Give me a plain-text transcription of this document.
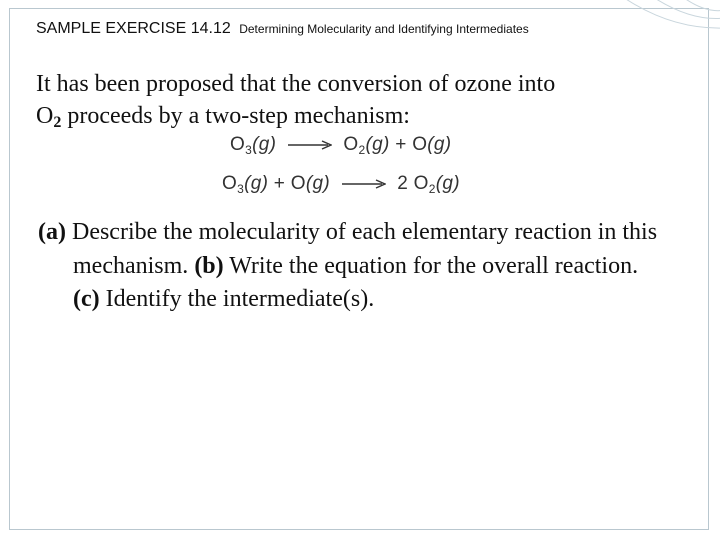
SAMPLE EXERCISE 14.12 Determining Molecularity and Identifying Intermediates
It has been proposed that the conversion of ozone into
$O_2$ proceeds by a two-step mechanism:
$O_3(g) \to O_2(g) + O(g)$
$O_3(g) + O(g) \to 2$ $O_2(g)$
(a) Describe the molecularity of each elementary reaction in this mechanism. (b) Write the equation for the overall reaction. (c) Identify the intermediate(s).
